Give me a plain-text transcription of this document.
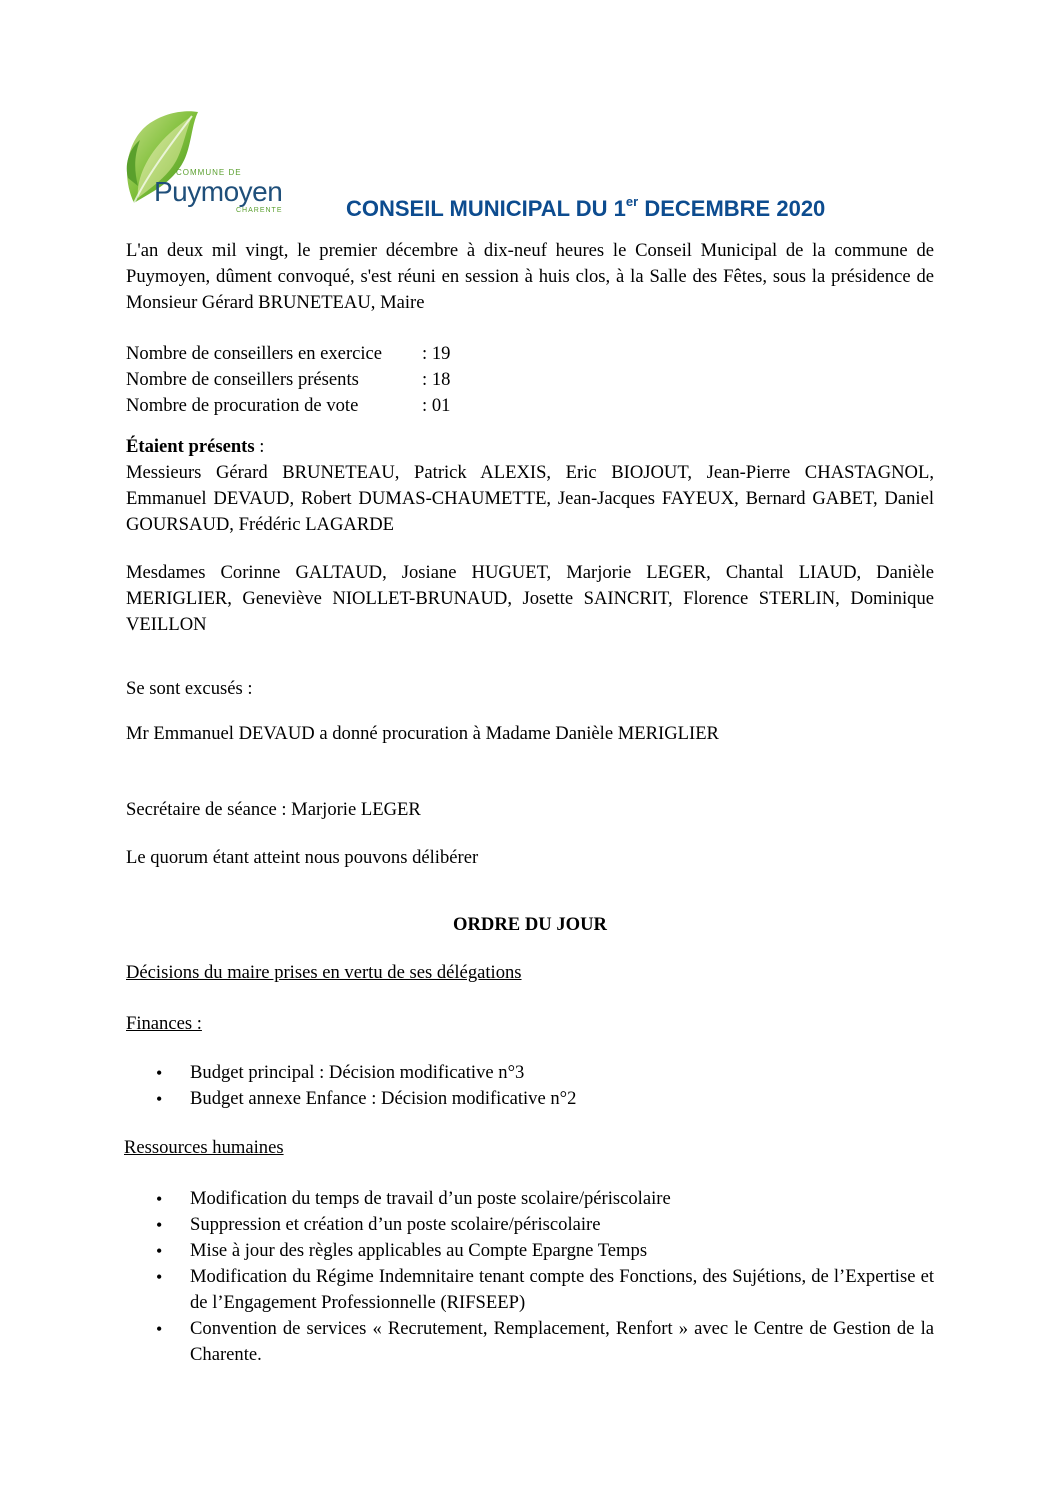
COMMUNE DE
Puymoyen
CHARENTE	CONSEIL MUNICIPAL DU 1er DECEMBRE 2020
L'an deux mil vingt, le premier décembre à dix-neuf heures le Conseil Municipal de la commune de Puymoyen, dûment convoqué, s'est réuni en session à huis clos, à la Salle des Fêtes, sous la présidence de Monsieur Gérard BRUNETEAU, Maire
Nombre de conseillers en exercice : 19
Nombre de conseillers présents	: 18
Nombre de procuration de vote	: 01
Étaient présents :
Messieurs Gérard BRUNETEAU, Patrick ALEXIS, Eric BIOJOUT, Jean-Pierre CHASTAGNOL, Emmanuel DEVAUD, Robert DUMAS-CHAUMETTE, Jean-Jacques FAYEUX, Bernard GABET, Daniel GOURSAUD, Frédéric LAGARDE
Mesdames Corinne GALTAUD, Josiane HUGUET, Marjorie LEGER, Chantal LIAUD, Danièle MERIGLIER, Geneviève NIOLLET-BRUNAUD, Josette SAINCRIT, Florence STERLIN, Dominique VEILLON
Se sont excusés :
Mr Emmanuel DEVAUD a donné procuration à Madame Danièle MERIGLIER
Secrétaire de séance : Marjorie LEGER
Le quorum étant atteint nous pouvons délibérer
ORDRE DU JOUR
Décisions du maire prises en vertu de ses délégations
Finances :
• Budget principal : Décision modificative n°3
• Budget annexe Enfance : Décision modificative n°2
Ressources humaines
• Modification du temps de travail d’un poste scolaire/périscolaire
• Suppression et création d’un poste scolaire/périscolaire
• Mise à jour des règles applicables au Compte Epargne Temps
• Modification du Régime Indemnitaire tenant compte des Fonctions, des Sujétions, de l’Expertise et de l’Engagement Professionnelle (RIFSEEP)
• Convention de services « Recrutement, Remplacement, Renfort » avec le Centre de Gestion de la Charente.
